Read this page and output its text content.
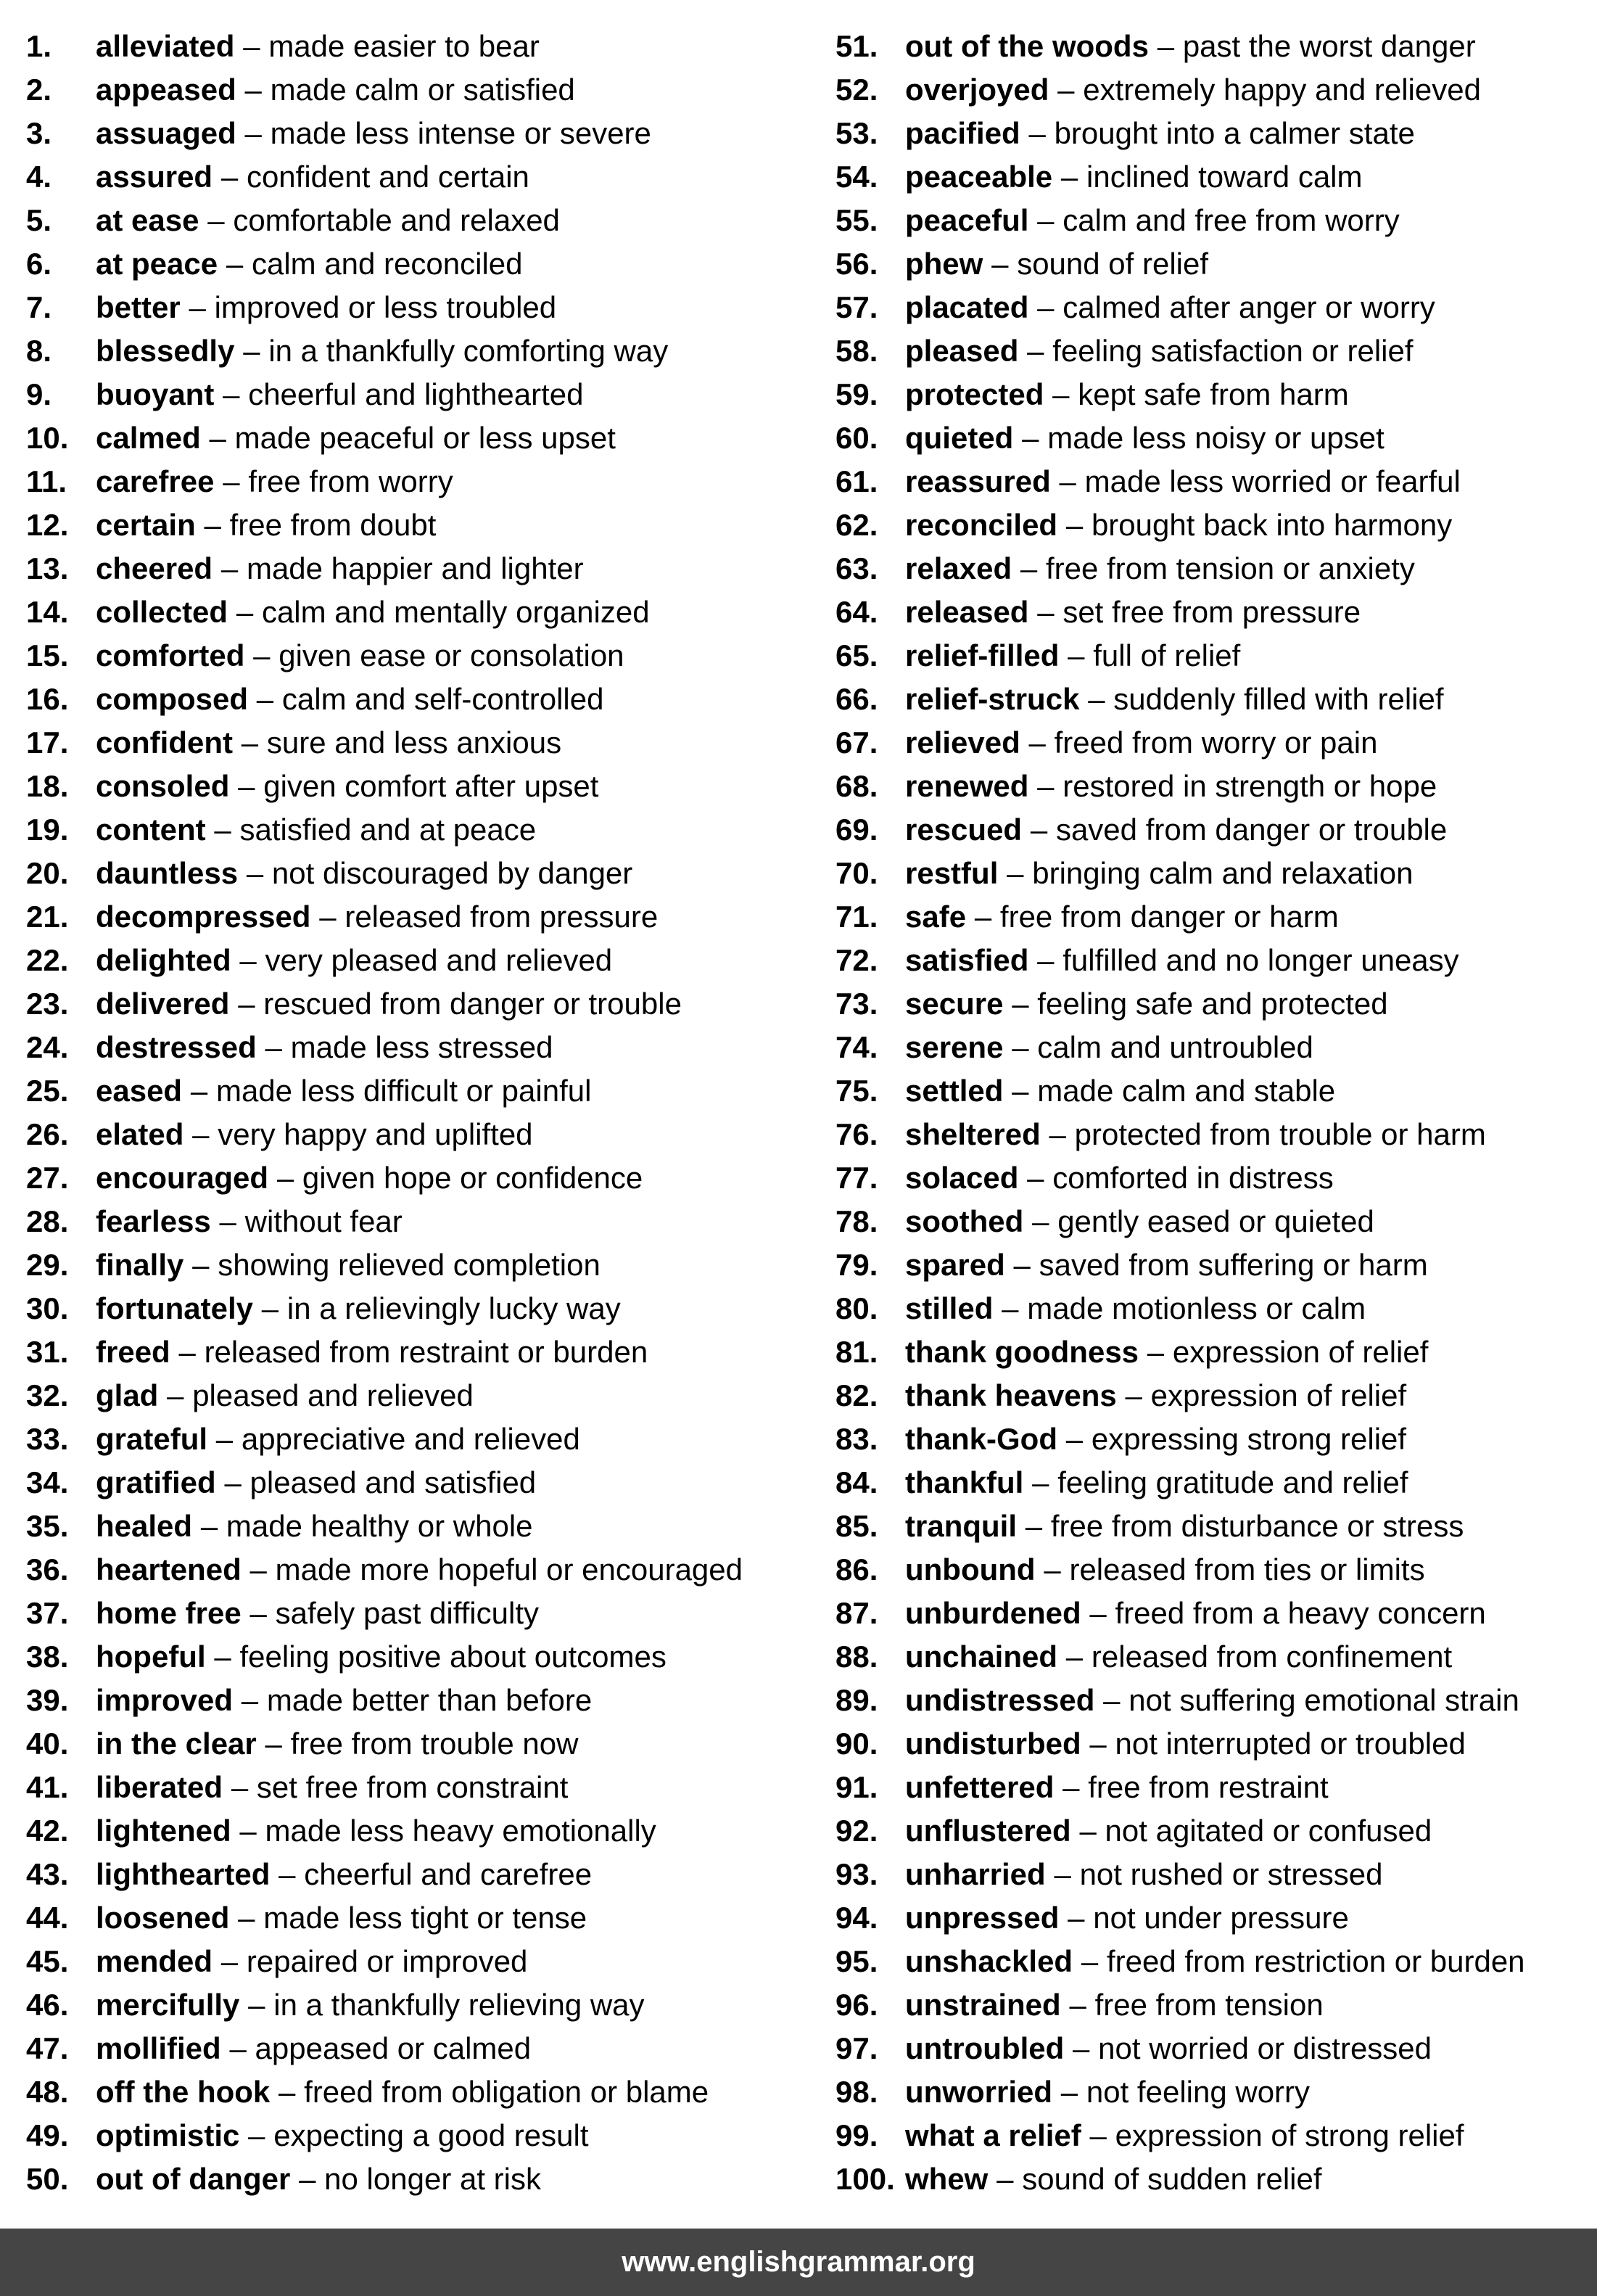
1.	alleviated – made easier to bear
2.	appeased – made calm or satisfied
3.	assuaged – made less intense or severe
4.	assured – confident and certain
5.	at ease – comfortable and relaxed
6.	at peace – calm and reconciled
7.	better – improved or less troubled
8.	blessedly – in a thankfully comforting way
9.	buoyant – cheerful and lighthearted
10. calmed – made peaceful or less upset
11. carefree – free from worry
12. certain – free from doubt
13. cheered – made happier and lighter
14. collected – calm and mentally organized
15. comforted – given ease or consolation
16. composed – calm and self-controlled
17. confident – sure and less anxious
18. consoled – given comfort after upset
19. content – satisfied and at peace
20. dauntless – not discouraged by danger
21. decompressed – released from pressure
22. delighted – very pleased and relieved
23. delivered – rescued from danger or trouble
24. destressed – made less stressed
25. eased – made less difficult or painful
26. elated – very happy and uplifted
27. encouraged – given hope or confidence
28. fearless – without fear
29. finally – showing relieved completion
30. fortunately – in a relievingly lucky way
31. freed – released from restraint or burden
32. glad – pleased and relieved
33. grateful – appreciative and relieved
34. gratified – pleased and satisfied
35. healed – made healthy or whole
36. heartened – made more hopeful or encouraged
37. home free – safely past difficulty
38. hopeful – feeling positive about outcomes
39. improved – made better than before
40. in the clear – free from trouble now
41. liberated – set free from constraint
42. lightened – made less heavy emotionally
43. lighthearted – cheerful and carefree
44. loosened – made less tight or tense
45. mended – repaired or improved
46. mercifully – in a thankfully relieving way
47. mollified – appeased or calmed
48. off the hook – freed from obligation or blame
49. optimistic – expecting a good result
50. out of danger – no longer at risk
51. out of the woods – past the worst danger
52. overjoyed – extremely happy and relieved
53. pacified – brought into a calmer state
54. peaceable – inclined toward calm
55. peaceful – calm and free from worry
56. phew – sound of relief
57. placated – calmed after anger or worry
58. pleased – feeling satisfaction or relief
59. protected – kept safe from harm
60. quieted – made less noisy or upset
61. reassured – made less worried or fearful
62. reconciled – brought back into harmony
63. relaxed – free from tension or anxiety
64. released – set free from pressure
65. relief-filled – full of relief
66. relief-struck – suddenly filled with relief
67. relieved – freed from worry or pain
68. renewed – restored in strength or hope
69. rescued – saved from danger or trouble
70. restful – bringing calm and relaxation
71. safe – free from danger or harm
72. satisfied – fulfilled and no longer uneasy
73. secure – feeling safe and protected
74. serene – calm and untroubled
75. settled – made calm and stable
76. sheltered – protected from trouble or harm
77. solaced – comforted in distress
78. soothed – gently eased or quieted
79. spared – saved from suffering or harm
80. stilled – made motionless or calm
81. thank goodness – expression of relief
82. thank heavens – expression of relief
83. thank-God – expressing strong relief
84. thankful – feeling gratitude and relief
85. tranquil – free from disturbance or stress
86. unbound – released from ties or limits
87. unburdened – freed from a heavy concern
88. unchained – released from confinement
89. undistressed – not suffering emotional strain
90. undisturbed – not interrupted or troubled
91. unfettered – free from restraint
92. unflustered – not agitated or confused
93. unharried – not rushed or stressed
94. unpressed – not under pressure
95. unshackled – freed from restriction or burden
96. unstrained – free from tension
97. untroubled – not worried or distressed
98. unworried – not feeling worry
99. what a relief – expression of strong relief
100. whew – sound of sudden relief
www.englishgrammar.org
